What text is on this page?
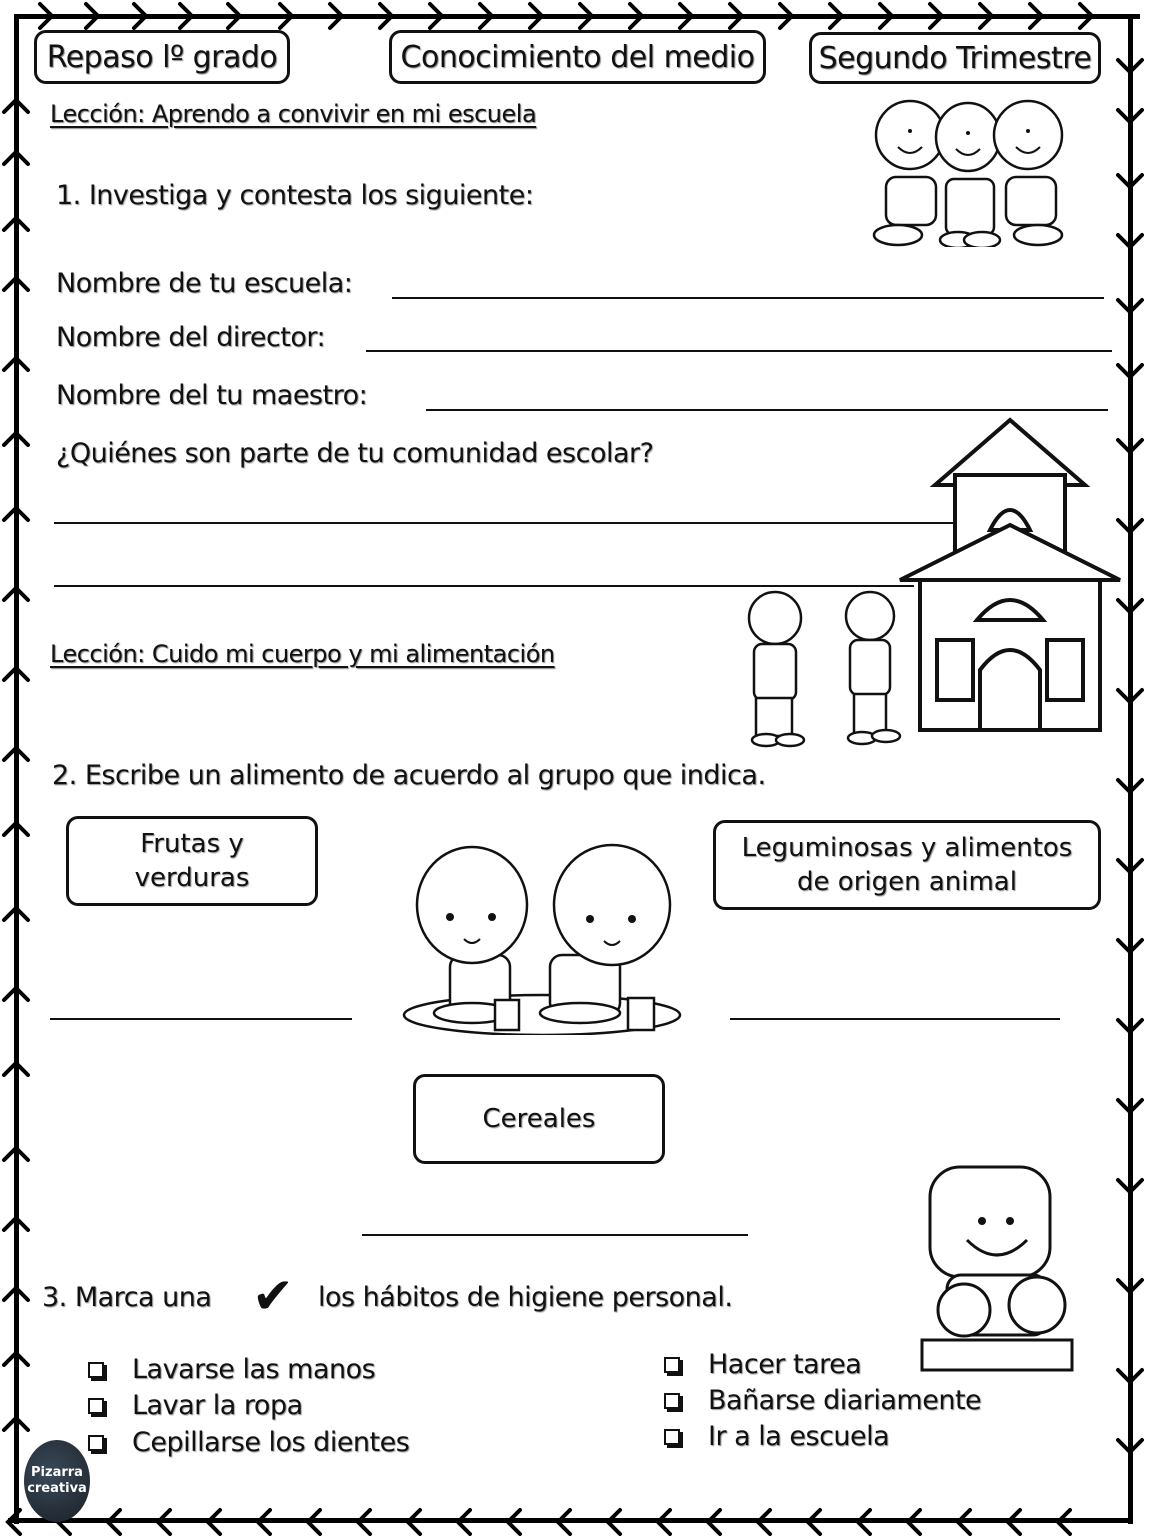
Repaso lº grado	Conocimiento del medio	Segundo Trimestre
Lección: Aprendo a convivir en mi escuela
1. Investiga y contesta los siguiente:
Nombre de tu escuela:
Nombre del director:
Nombre del tu maestro:
¿Quiénes son parte de tu comunidad escolar?
Lección: Cuido mi cuerpo y mi alimentación
2. Escribe un alimento de acuerdo al grupo que indica.
Frutas y
verduras
Leguminosas y alimentos
de origen animal
Cereales
3. Marca una ✔ los hábitos de higiene personal.
Lavarse las manos
Lavar la ropa
Cepillarse los dientes
Hacer tarea
Bañarse diariamente
Ir a la escuela
Pizarra
creativa
